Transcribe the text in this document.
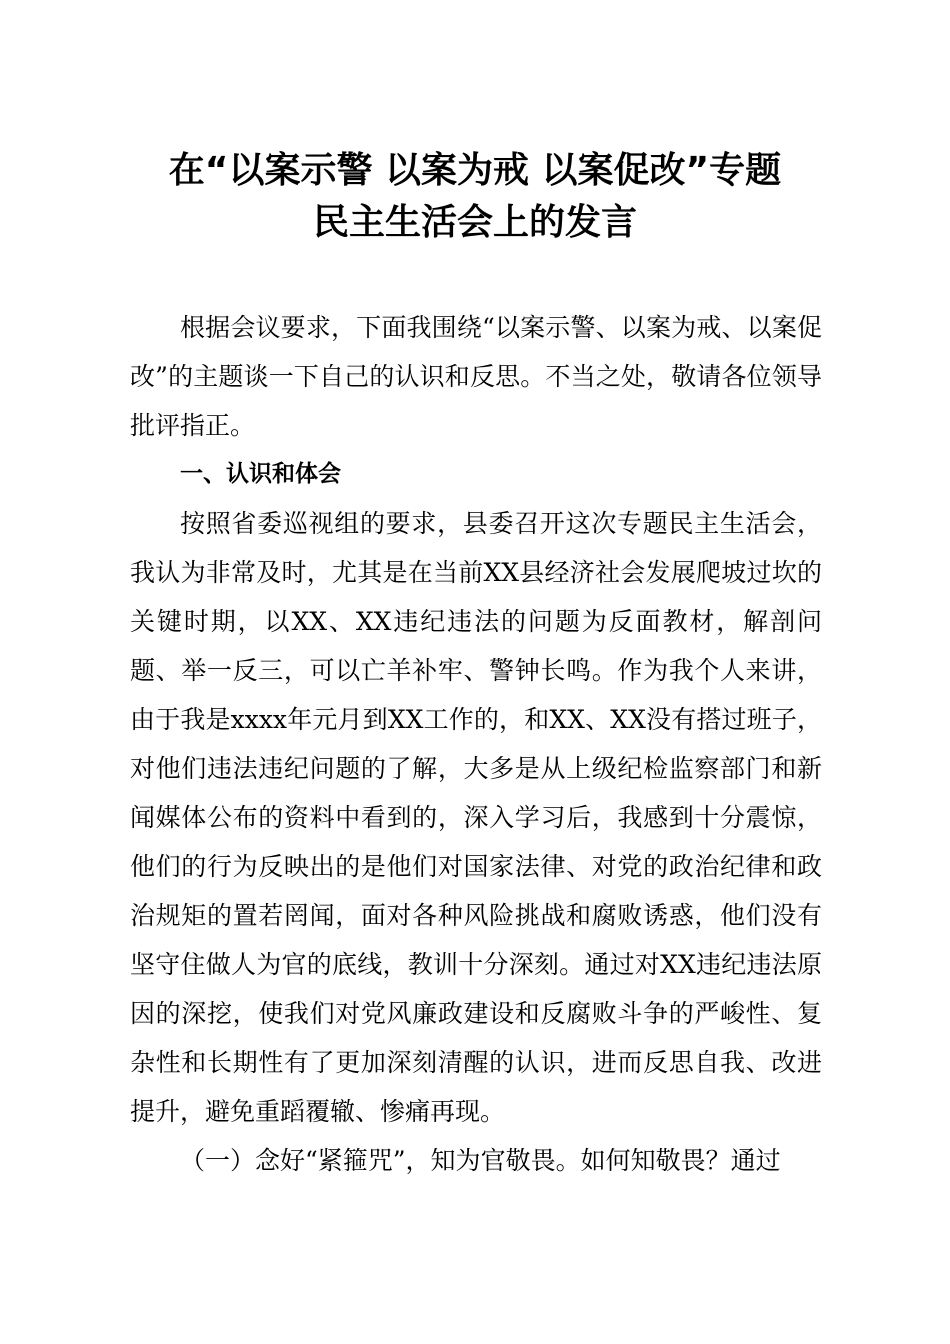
在“以案示警 以案为戒 以案促改”专题
民主生活会上的发言

根据会议要求，下面我围绕“以案示警、以案为戒、以案促改”的主题谈一下自己的认识和反思。不当之处，敬请各位领导批评指正。

一、认识和体会

按照省委巡视组的要求，县委召开这次专题民主生活会，我认为非常及时，尤其是在当前XX县经济社会发展爬坡过坎的关键时期，以XX、XX违纪违法的问题为反面教材，解剖问题、举一反三，可以亡羊补牢、警钟长鸣。作为我个人来讲，由于我是xxxx年元月到XX工作的，和XX、XX没有搭过班子，对他们违法违纪问题的了解，大多是从上级纪检监察部门和新闻媒体公布的资料中看到的，深入学习后，我感到十分震惊，他们的行为反映出的是他们对国家法律、对党的政治纪律和政治规矩的置若罔闻，面对各种风险挑战和腐败诱惑，他们没有坚守住做人为官的底线，教训十分深刻。通过对XX违纪违法原因的深挖，使我们对党风廉政建设和反腐败斗争的严峻性、复杂性和长期性有了更加深刻清醒的认识，进而反思自我、改进提升，避免重蹈覆辙、惨痛再现。

（一）念好“紧箍咒”，知为官敬畏。如何知敬畏？通过
